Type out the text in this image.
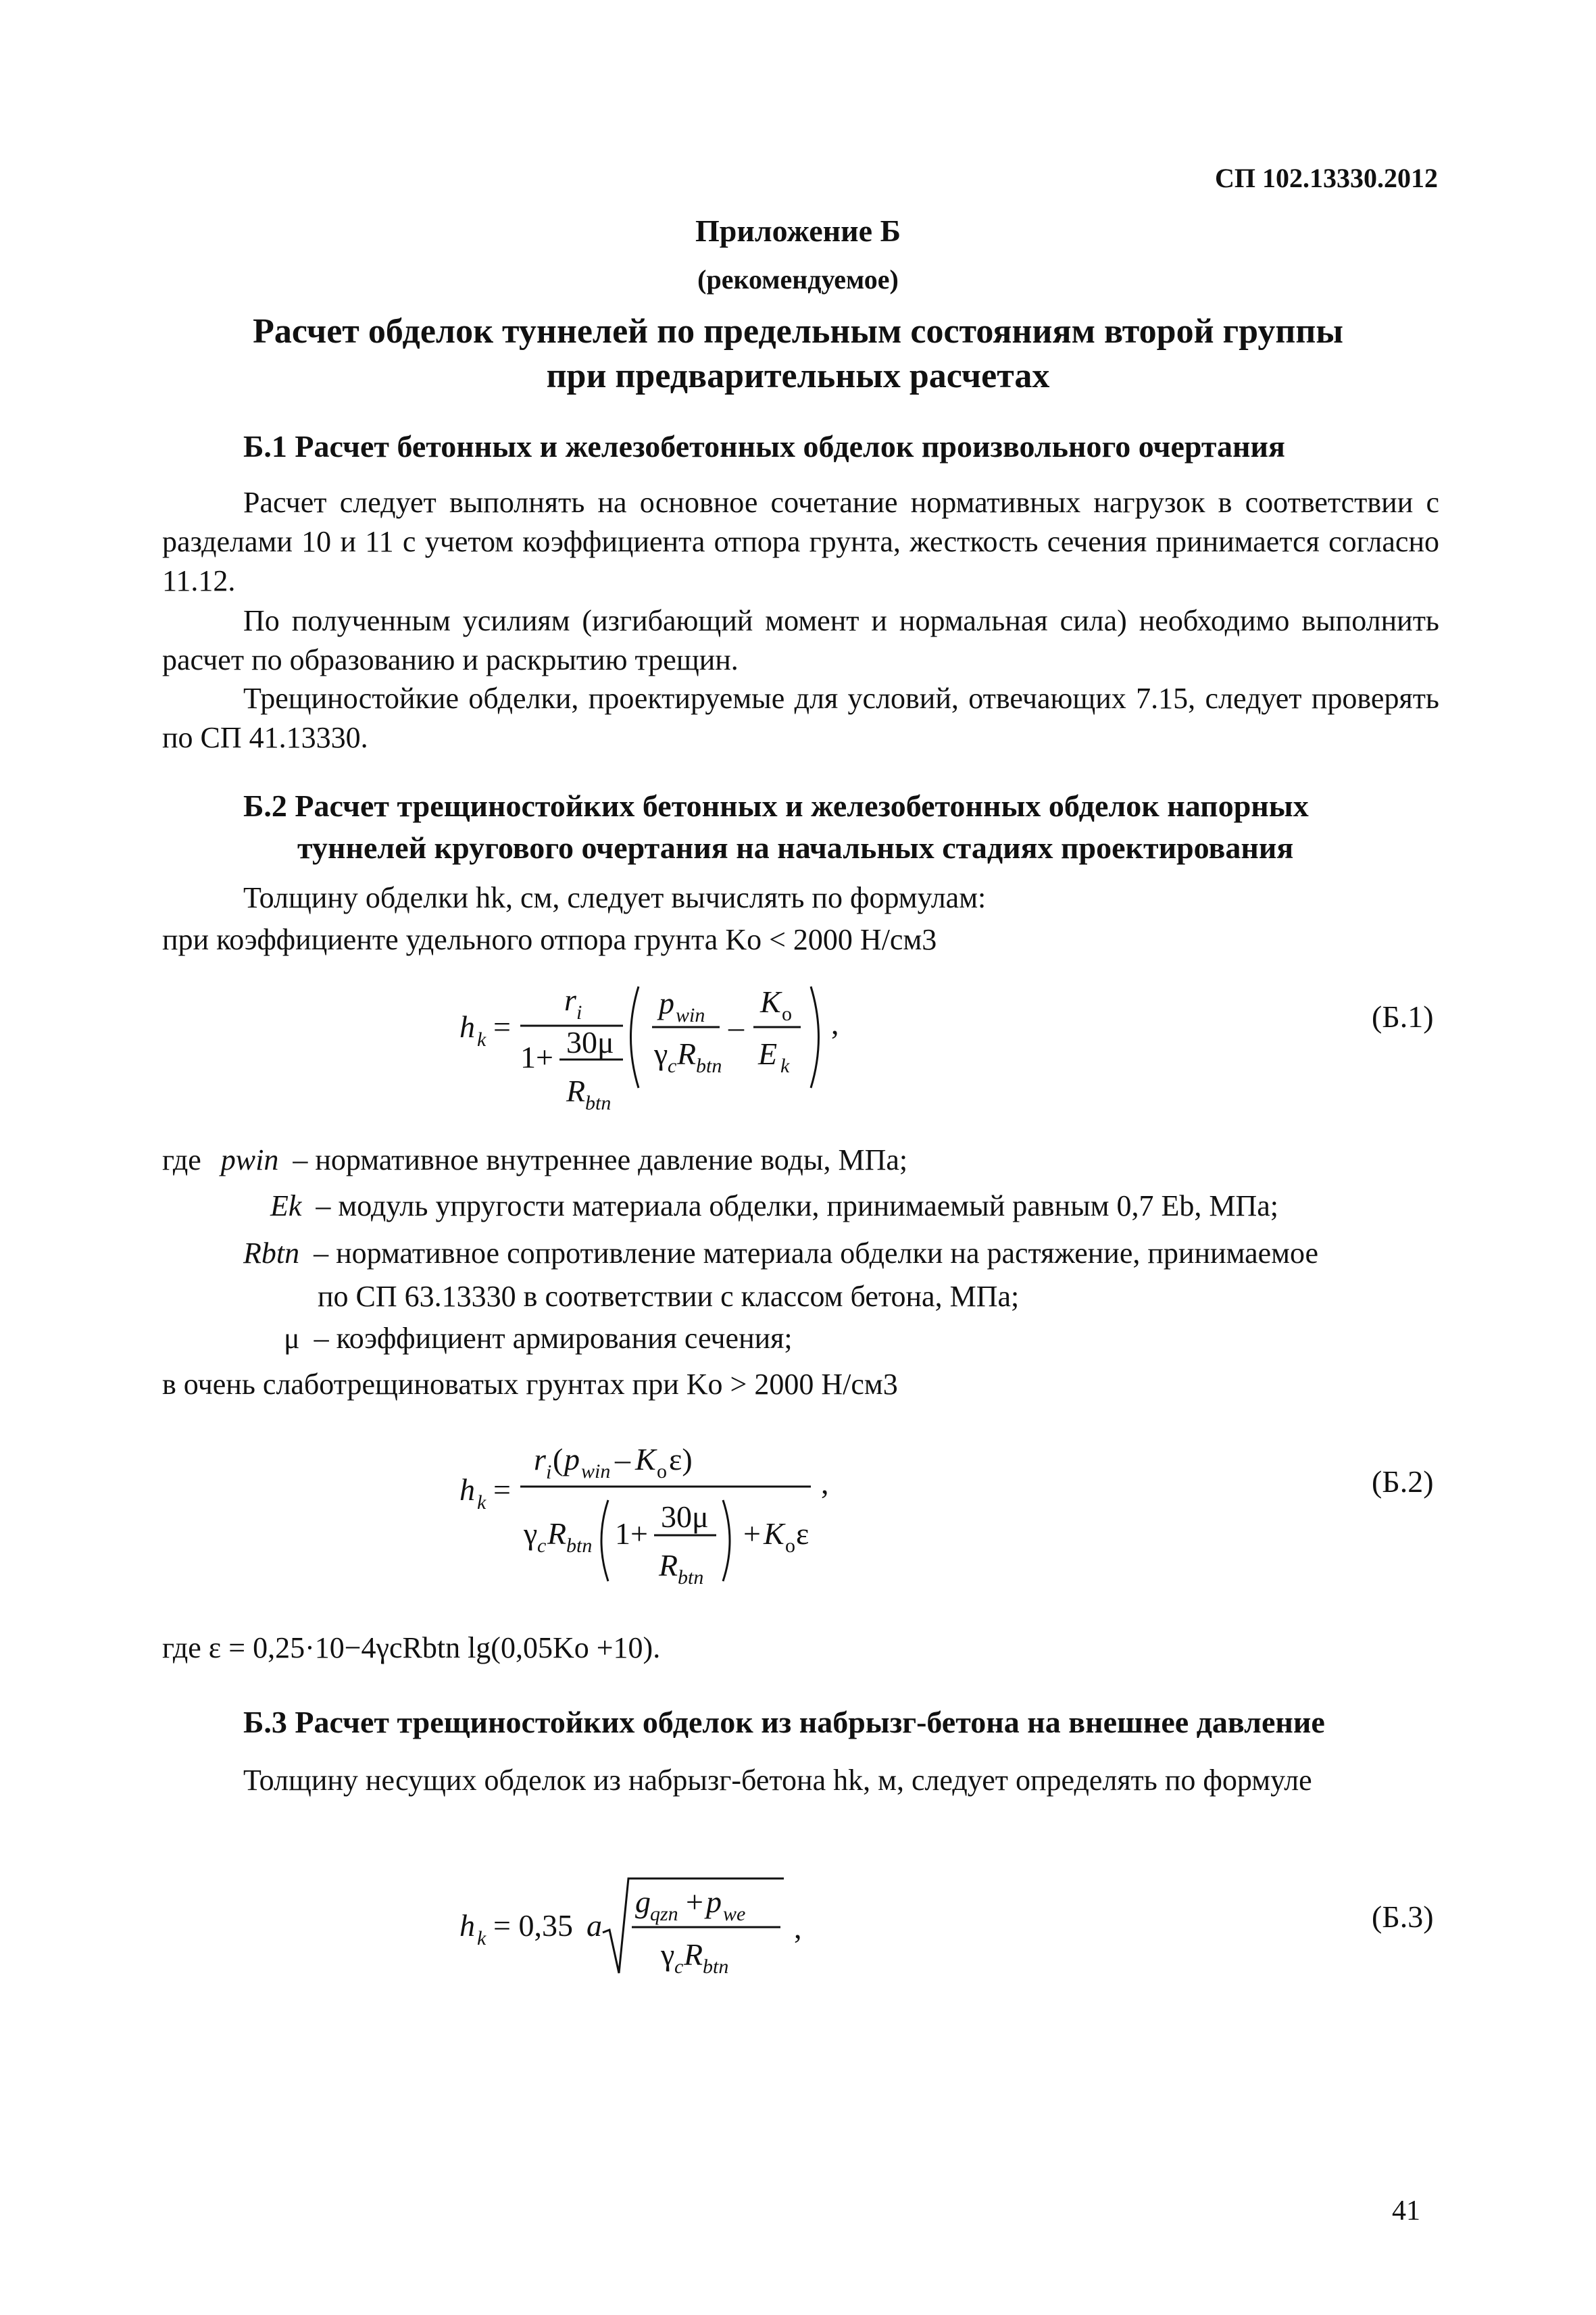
СП 102.13330.2012
Приложение Б
(рекомендуемое)
Расчет обделок туннелей по предельным состояниям второй группы
при предварительных расчетах
Б.1 Расчет бетонных и железобетонных обделок произвольного очертания
Расчет следует выполнять на основное сочетание нормативных нагрузок в соответствии с разделами 10 и 11 с учетом коэффициента отпора грунта, жесткость сечения принимается согласно 11.12.
По полученным усилиям (изгибающий момент и нормальная сила) необходимо выполнить расчет по образованию и раскрытию трещин.
Трещиностойкие обделки, проектируемые для условий, отвечающих 7.15, следует проверять по СП 41.13330.
Б.2 Расчет трещиностойких бетонных и железобетонных обделок напорных
туннелей кругового очертания на начальных стадиях проектирования
Толщину обделки hk, см, следует вычислять по формулам:
при коэффициенте удельного отпора грунта Ko < 2000 Н/см3
h k =
r i
1+ 30μ
R btn
p win
γ c R btn
–
K o
E k
,	(Б.1)
где pwin – нормативное внутреннее давление воды, МПа;
Ek – модуль упругости материала обделки, принимаемый равным 0,7 Eb, МПа;
Rbtn – нормативное сопротивление материала обделки на растяжение, принимаемое
по СП 63.13330 в соответствии с классом бетона, МПа;
μ – коэффициент армирования сечения;
в очень слаботрещиноватых грунтах при Ko > 2000 Н/см3
h k =
r i ( p win – K o ε)
γ c R btn 1+ 30μ
R btn
+ K o ε
,	(Б.2)
где ε = 0,25·10−4γcRbtn lg(0,05Ko +10).
Б.3 Расчет трещиностойких обделок из набрызг-бетона на внешнее давление
Толщину несущих обделок из набрызг-бетона hk, м, следует определять по формуле
h k = 0,35 a
g qzn + p we
γ c R btn
,	(Б.3)
41
